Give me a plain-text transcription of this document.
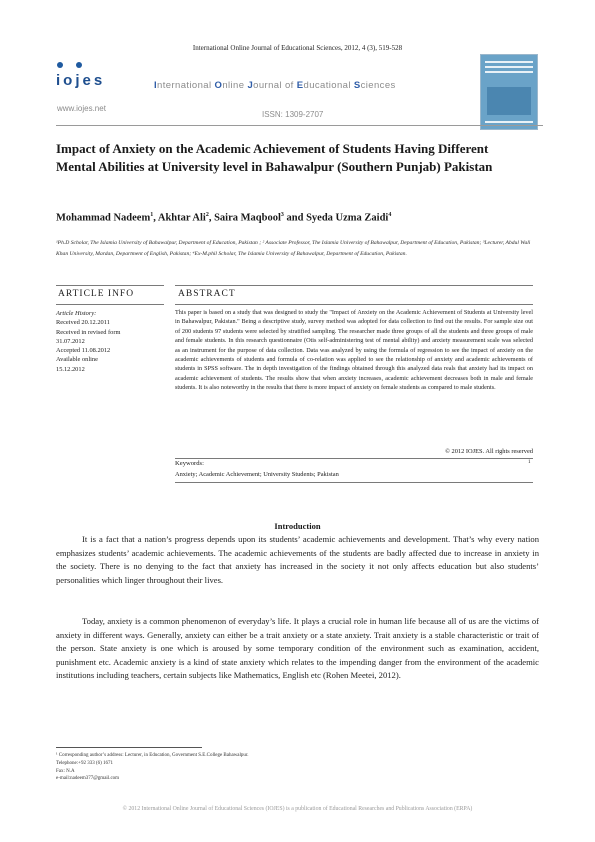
International Online Journal of Educational Sciences, 2012, 4 (3), 519-528
iojes
www.iojes.net
International Online Journal of Educational Sciences
ISSN: 1309-2707
Impact of Anxiety on the Academic Achievement of Students Having Different Mental Abilities at University level in Bahawalpur (Southern Punjab) Pakistan
Mohammad Nadeem$^1$, Akhtar Ali$^2$, Saira Maqbool$^3$ and Syeda Uzma Zaidi$^4$
¹Ph.D Scholar, The Islamia University of Bahawalpur, Department of Education, Pakistan ; ² Associate Professor, The Islamia University of Bahawalpur, Department of Education, Pakistan; ³Lecturer, Abdul Wali Khan University, Mardan, Department of English, Pakistan; ⁴Ex-M.phil Scholar, The Islamia University of Bahawalpur, Department of Education, Pakistan.
ARTICLE INFO	ABSTRACT
Article History:
Received 20.12.2011
Received in revised form
31.07.2012
Accepted 11.08.2012
Available online
15.12.2012
This paper is based on a study that was designed to study the "Impact of Anxiety on the Academic Achievement of Students at University level in Bahawalpur, Pakistan." Being a descriptive study, survey method was adopted for data collection to find out the results. For sample size out of 200 students 97 students were selected by stratified sampling. The researcher made three groups of all the students and three groups of male and female students. In this research questionnaire (Otis self-administering test of mental ability) and anxiety measurement scale was selected as an instrument for the purpose of data collection. Data was analyzed by using the formula of regression to see the impact of anxiety on the academic achievements of students and formula of co-relation was applied to see the relationship of anxiety and academic achievements of students in SPSS software. The in depth investigation of the findings obtained through this analyzed data reals that anxiety had its impact on academic achievement of students. The results show that when anxiety increases, academic achievement decreases both in male and female students. It is also noteworthy in the results that there is more impact of anxiety on female students as compared to male students.
© 2012 IOJES. All rights reserved
Keywords:	1
Anxiety; Academic Achievement; University Students; Pakistan
Introduction

It is a fact that a nation’s progress depends upon its students’ academic achievements and development. That’s why every nation emphasizes students’ academic achievements. The academic achievements of the students are badly affected due to increase in anxiety in the society. There is no denying to the fact that anxiety has increased in the society it not only affects education but also students’ personalities which linger throughout their lives.

Today, anxiety is a common phenomenon of everyday’s life. It plays a crucial role in human life because all of us are the victims of anxiety in different ways. Generally, anxiety can either be a trait anxiety or a state anxiety. Trait anxiety is a stable characteristic or trait of the person. State anxiety is one which is aroused by some temporary condition of the environment such as examination, accident, punishment etc. Academic anxiety is a kind of state anxiety which relates to the impending danger from the environment of the academic institutions including teachers, certain subjects like Mathematics, English etc (Rohen Meetei, 2012).

¹ Corresponding author’s address: Lecturer, in Education, Government S.E.College Bahawalpur.
Telephone:+92 333 (6) 1671
Fax: N.A
e-mail:nadeem377@gmail.com
© 2012 International Online Journal of Educational Sciences (IOJES) is a publication of Educational Researches and Publications Association (ERPA)
